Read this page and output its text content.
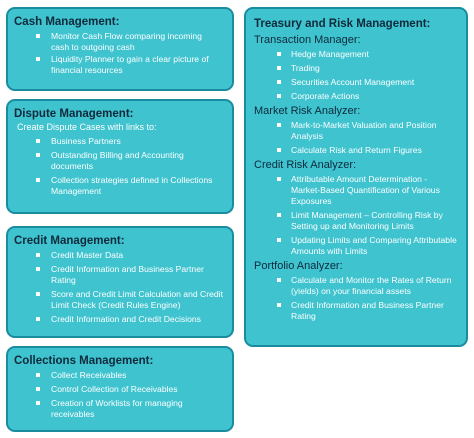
Cash Management:
Monitor Cash Flow comparing incoming cash to outgoing cash
Liquidity Planner to gain a clear picture of financial resources
Dispute Management:
Create Dispute Cases with links to:
Business Partners
Outstanding Billing and Accounting documents
Collection strategies defined in Collections Management
Credit Management:
Credit Master Data
Credit Information and Business Partner Rating
Score and Credit Limit Calculation and Credit Limit Check (Credit Rules Engine)
Credit Information and Credit Decisions
Collections Management:
Collect Receivables
Control Collection of Receivables
Creation of Worklists for managing receivables
Treasury and Risk Management:
Transaction Manager:
Hedge Management
Trading
Securities Account Management
Corporate Actions
Market Risk Analyzer:
Mark-to-Market Valuation and Position Analysis
Calculate Risk and Return Figures
Credit Risk Analyzer:
Attributable Amount Determination - Market-Based Quantification of Various Exposures
Limit Management – Controlling Risk by Setting up and Monitoring Limits
Updating Limits and Comparing Attributable Amounts with Limits
Portfolio Analyzer:
Calculate and Monitor the Rates of Return (yields) on your financial assets
Credit Information and Business Partner Rating
